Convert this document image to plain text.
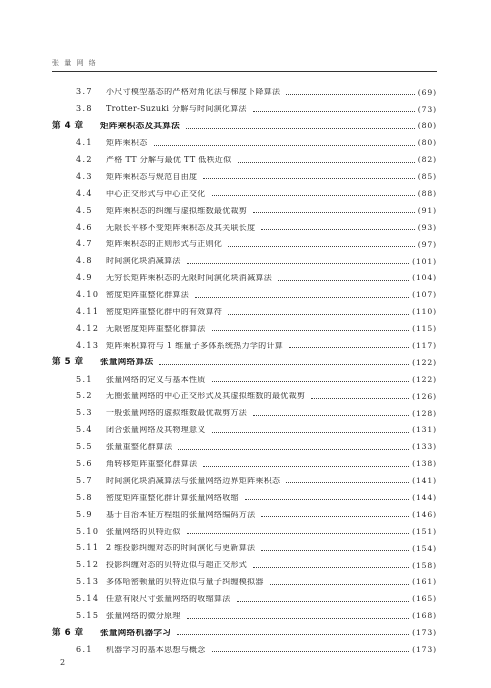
张 量 网 络
3.7	小尺寸模型基态的严格对角化法与梯度下降算法	(69)
3.8	Trotter-Suzuki 分解与时间演化算法	(73)
第 4 章	矩阵乘积态及其算法	(80)
4.1	矩阵乘积态	(80)
4.2	严格 TT 分解与最优 TT 低秩近似	(82)
4.3	矩阵乘积态与规范自由度	(85)
4.4	中心正交形式与中心正交化	(88)
4.5	矩阵乘积态的纠缠与虚拟维数最优裁剪	(91)
4.6	无限长平移不变矩阵乘积态及其关联长度	(93)
4.7	矩阵乘积态的正则形式与正则化	(97)
4.8	时间演化块消减算法	(101)
4.9	无穷长矩阵乘积态的无限时间演化块消减算法	(104)
4.10 密度矩阵重整化群算法	(107)
4.11 密度矩阵重整化群中的有效算符	(110)
4.12 无限密度矩阵重整化群算法	(115)
4.13 矩阵乘积算符与 1 维量子多体系统热力学的计算	(117)
第 5 章	张量网络算法	(122)
5.1	张量网络的定义与基本性质	(122)
5.2	无圈张量网络的中心正交形式及其虚拟维数的最优裁剪	(126)
5.3	一般张量网络的虚拟维数最优裁剪方法	(128)
5.4	闭合张量网络及其物理意义	(131)
5.5	张量重整化群算法	(133)
5.6	角转移矩阵重整化群算法	(138)
5.7	时间演化块消减算法与张量网络边界矩阵乘积态	(141)
5.8	密度矩阵重整化群计算张量网络收缩	(144)
5.9	基于自治本征方程组的张量网络编码方法	(146)
5.10 张量网络的贝特近似	(151)
5.11 2 维投影纠缠对态的时间演化与更新算法	(154)
5.12 投影纠缠对态的贝特近似与超正交形式	(158)
5.13 多体哈密顿量的贝特近似与量子纠缠模拟器	(161)
5.14 任意有限尺寸张量网络的收缩算法	(165)
5.15 张量网络的微分原理	(168)
第 6 章	张量网络机器学习	(173)
6.1	机器学习的基本思想与概念	(173)
2
